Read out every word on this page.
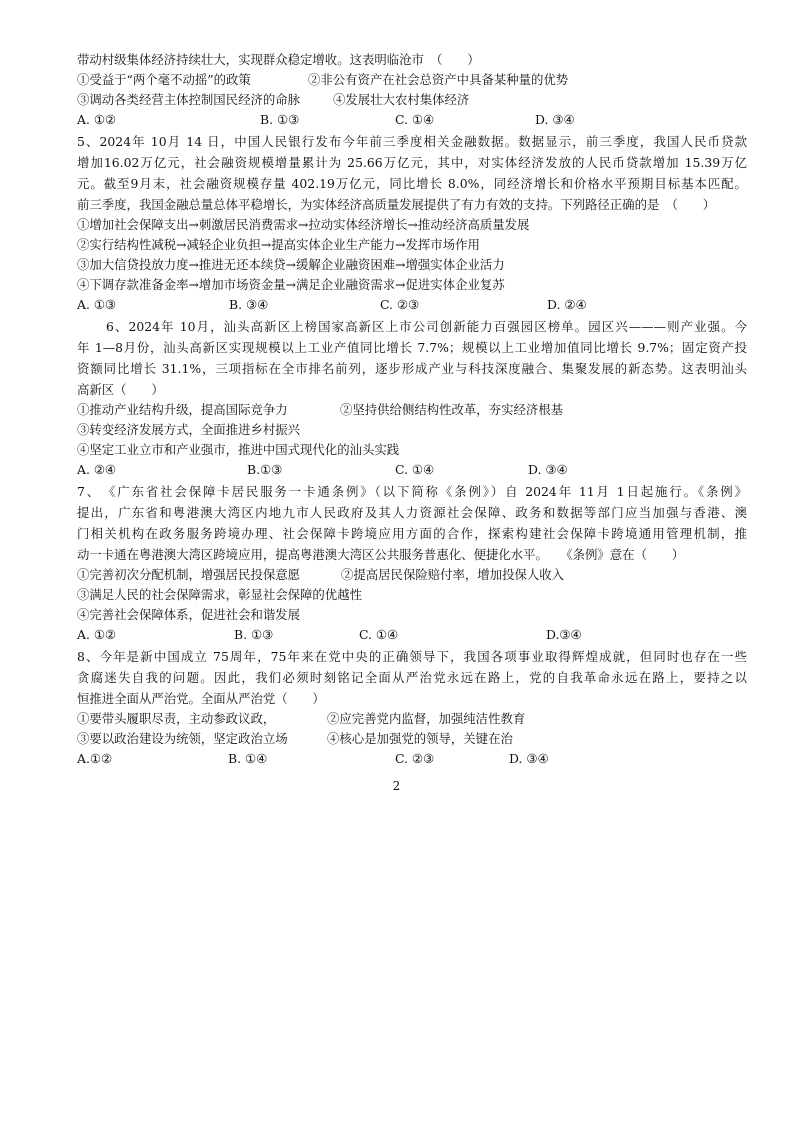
带动村级集体经济持续壮大，实现群众稳定增收。这表明临沧市　（　　）
①受益于“两个毫不动摇”的政策	②非公有资产在社会总资产中具备某种量的优势
③调动各类经营主体控制国民经济的命脉	④发展壮大农村集体经济
A. ①②	B. ①③	C. ①④	D. ③④
5、2024年 10月 14 日，中国人民银行发布今年前三季度相关金融数据。数据显示，前三季度，我国人民币贷款
增加16.02万亿元，社会融资规模增量累计为 25.66万亿元，其中，对实体经济发放的人民币贷款增加 15.39万亿
元。截至9月末，社会融资规模存量 402.19万亿元，同比增长 8.0%，同经济增长和价格水平预期目标基本匹配。
前三季度，我国金融总量总体平稳增长，为实体经济高质量发展提供了有力有效的支持。下列路径正确的是　（　　）
①增加社会保障支出→刺激居民消费需求→拉动实体经济增长→推动经济高质量发展
②实行结构性减税→减轻企业负担→提高实体企业生产能力→发挥市场作用
③加大信贷投放力度→推进无还本续贷→缓解企业融资困难→增强实体企业活力
④下调存款准备金率→增加市场资金量→满足企业融资需求→促进实体企业复苏
A. ①③	B. ③④	C. ②③	D. ②④
6、2024年 10月，汕头高新区上榜国家高新区上市公司创新能力百强园区榜单。园区兴———则产业强。今
年 1—8月份，汕头高新区实现规模以上工业产值同比增长 7.7%；规模以上工业增加值同比增长 9.7%；固定资产投
资额同比增长 31.1%，三项指标在全市排名前列，逐步形成产业与科技深度融合、集聚发展的新态势。这表明汕头
高新区（　　）
①推动产业结构升级，提高国际竞争力	②坚持供给侧结构性改革，夯实经济根基
③转变经济发展方式，全面推进乡村振兴
④坚定工业立市和产业强市，推进中国式现代化的汕头实践
A. ②④	B.①③	C. ①④	D. ③④
7、　《广东省社会保障卡居民服务一卡通条例》（以下简称《条例》）自 2024年 11月 1日起施行。《条例》
提出，广东省和粤港澳大湾区内地九市人民政府及其人力资源社会保障、政务和数据等部门应当加强与香港、澳
门相关机构在政务服务跨境办理、社会保障卡跨境应用方面的合作，探索构建社会保障卡跨境通用管理机制，推
动一卡通在粤港澳大湾区跨境应用，提高粤港澳大湾区公共服务普惠化、便捷化水平。　　《条例》意在（　　）
①完善初次分配机制，增强居民投保意愿	②提高居民保险赔付率，增加投保人收入
③满足人民的社会保障需求，彰显社会保障的优越性
④完善社会保障体系，促进社会和谐发展
A. ①②	B. ①③	C. ①④	D.③④
8、今年是新中国成立 75周年，75年来在党中央的正确领导下，我国各项事业取得辉煌成就，但同时也存在一些
贪腐迷失自我的问题。因此，我们必须时刻铭记全面从严治党永远在路上，党的自我革命永远在路上，要持之以
恒推进全面从严治党。全面从严治党（　　）
①要带头履职尽责，主动参政议政，	②应完善党内监督，加强纯洁性教育
③要以政治建设为统领，坚定政治立场	④核心是加强党的领导，关键在治
A.①②	B. ①④	C. ②③	D. ③④
2
